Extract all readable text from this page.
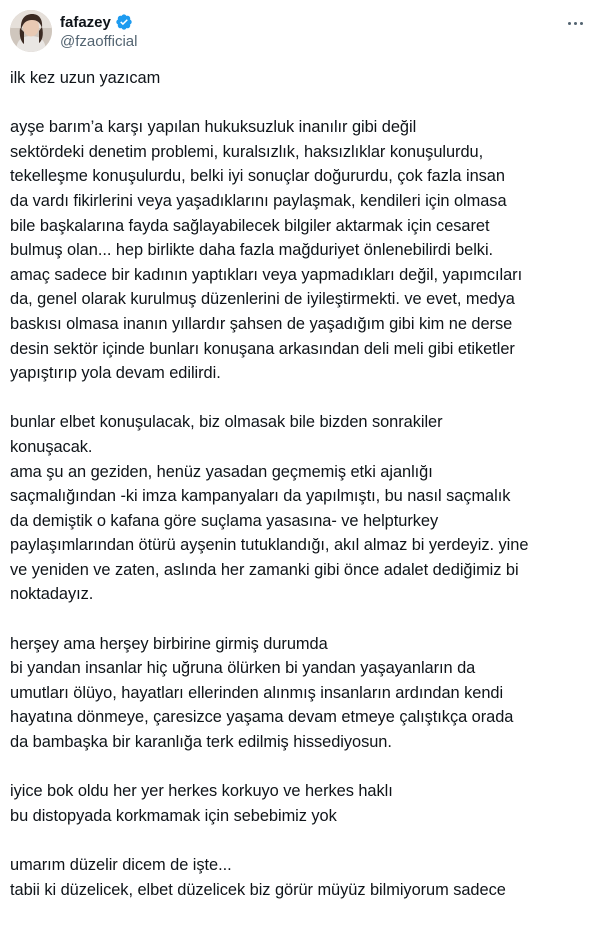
fafazey
@fzaofficial
ilk kez uzun yazıcam
ayşe barım’a karşı yapılan hukuksuzluk inanılır gibi değil
sektördeki denetim problemi, kuralsızlık, haksızlıklar konuşulurdu,
tekelleşme konuşulurdu, belki iyi sonuçlar doğururdu, çok fazla insan
da vardı fikirlerini veya yaşadıklarını paylaşmak, kendileri için olmasa
bile başkalarına fayda sağlayabilecek bilgiler aktarmak için cesaret
bulmuş olan... hep birlikte daha fazla mağduriyet önlenebilirdi belki.
amaç sadece bir kadının yaptıkları veya yapmadıkları değil, yapımcıları
da, genel olarak kurulmuş düzenlerini de iyileştirmekti. ve evet, medya
baskısı olmasa inanın yıllardır şahsen de yaşadığım gibi kim ne derse
desin sektör içinde bunları konuşana arkasından deli meli gibi etiketler
yapıştırıp yola devam edilirdi.
bunlar elbet konuşulacak, biz olmasak bile bizden sonrakiler
konuşacak.
ama şu an geziden, henüz yasadan geçmemiş etki ajanlığı
saçmalığından -ki imza kampanyaları da yapılmıştı, bu nasıl saçmalık
da demiştik o kafana göre suçlama yasasına- ve helpturkey
paylaşımlarından ötürü ayşenin tutuklandığı, akıl almaz bi yerdeyiz. yine
ve yeniden ve zaten, aslında her zamanki gibi önce adalet dediğimiz bi
noktadayız.
herşey ama herşey birbirine girmiş durumda
bi yandan insanlar hiç uğruna ölürken bi yandan yaşayanların da
umutları ölüyo, hayatları ellerinden alınmış insanların ardından kendi
hayatına dönmeye, çaresizce yaşama devam etmeye çalıştıkça orada
da bambaşka bir karanlığa terk edilmiş hissediyosun.
iyice bok oldu her yer herkes korkuyo ve herkes haklı
bu distopyada korkmamak için sebebimiz yok
umarım düzelir dicem de işte...
tabii ki düzelicek, elbet düzelicek biz görür müyüz bilmiyorum sadece
